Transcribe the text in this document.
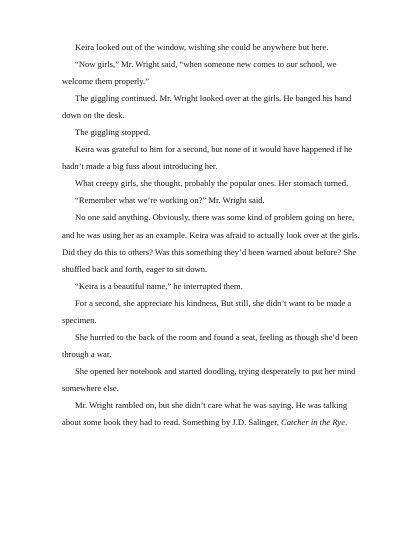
Keira looked out of the window, wishing she could be anywhere but here.

“Now girls,” Mr. Wright said, “when someone new comes to our school, we welcome them properly.”

The giggling continued. Mr. Wright looked over at the girls. He banged his hand down on the desk.

The giggling stopped.

Keira was grateful to him for a second, but none of it would have happened if he hadn’t made a big fuss about introducing her.

What creepy girls, she thought, probably the popular ones. Her stomach turned.

“Remember what we’re working on?” Mr. Wright said.

No one said anything. Obviously, there was some kind of problem going on here, and he was using her as an example. Keira was afraid to actually look over at the girls. Did they do this to others? Was this something they’d been warned about before? She shuffled back and forth, eager to sit down.

“Keira is a beautiful name,” he interrupted them.

For a second, she appreciate his kindness, But still, she didn’t want to be made a specimen.

She hurried to the back of the room and found a seat, feeling as though she’d been through a war.

She opened her notebook and started doodling, trying desperately to put her mind somewhere else.

Mr. Wright rambled on, but she didn’t care what he was saying. He was talking about some book they had to read. Something by J.D. Salinger, Catcher in the Rye.
